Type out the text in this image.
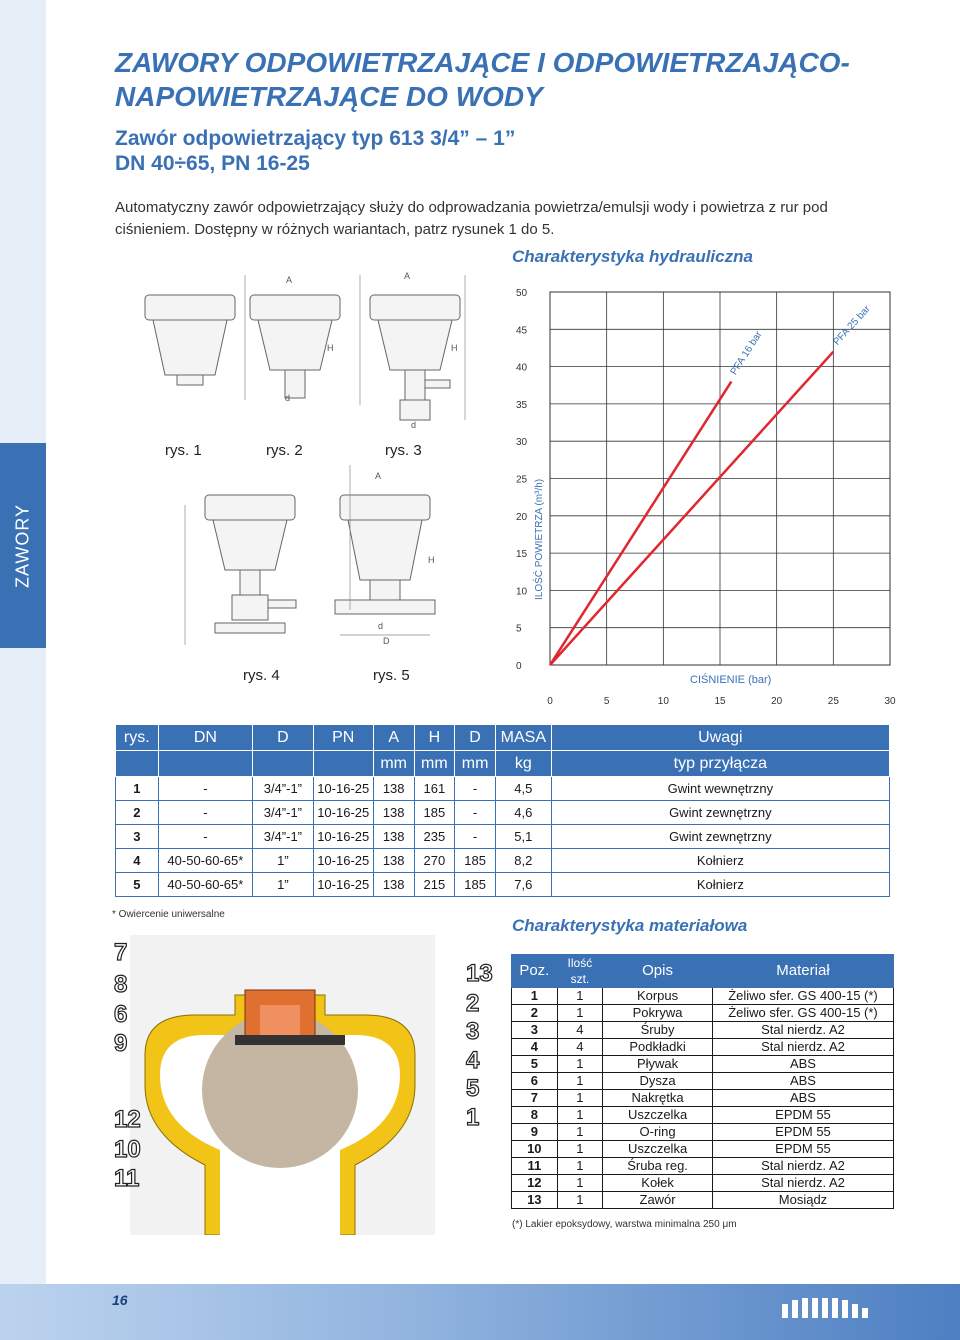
ZAWORY
ZAWORY ODPOWIETRZAJĄCE I ODPOWIETRZAJĄCO-NAPOWIETRZAJĄCE DO WODY
Zawór odpowietrzający typ 613 3/4” – 1”
DN 40÷65, PN 16-25

Automatyczny zawór odpowietrzający służy do odprowadzania powietrza/emulsji wody i powietrza z rur pod ciśnieniem. Dostępny w różnych wariantach, patrz rysunek 1 do 5.

A	A
H	H
d
d
A
H
d
D
rys. 1	rys. 2	rys. 3
rys. 4	rys. 5
Charakterystyka hydrauliczna
0
5
10
15
20
25
30
35
40
45
50
0	5	10	15	20	25	30
PFA 16 bar
PFA 25 bar
ILOŚĆ POWIETRZA (m³/h)
CIŚNIENIE (bar)
rys.	DN	D	PN	A	H	D	MASA	Uwagi
				mm	mm	mm	kg	typ przyłącza
1	-	3/4”-1”	10-16-25	138	161	-	4,5	Gwint wewnętrzny
2	-	3/4”-1”	10-16-25	138	185	-	4,6	Gwint zewnętrzny
3	-	3/4”-1”	10-16-25	138	235	-	5,1	Gwint zewnętrzny
4	40-50-60-65*	1”	10-16-25	138	270	185	8,2	Kołnierz
5	40-50-60-65*	1”	10-16-25	138	215	185	7,6	Kołnierz
* Owiercenie uniwersalne
7
8
6
9
12
10
11
13
2
3
4
5
1
Charakterystyka materiałowa
Poz.	Ilość szt.	Opis	Materiał
1	1	Korpus	Żeliwo sfer. GS 400-15 (*)
2	1	Pokrywa	Żeliwo sfer. GS 400-15 (*)
3	4	Śruby	Stal nierdz. A2
4	4	Podkładki	Stal nierdz. A2
5	1	Pływak	ABS
6	1	Dysza	ABS
7	1	Nakrętka	ABS
8	1	Uszczelka	EPDM 55
9	1	O-ring	EPDM 55
10	1	Uszczelka	EPDM 55
11	1	Śruba reg.	Stal nierdz. A2
12	1	Kołek	Stal nierdz. A2
13	1	Zawór	Mosiądz
(*) Lakier epoksydowy, warstwa minimalna 250 μm
16
